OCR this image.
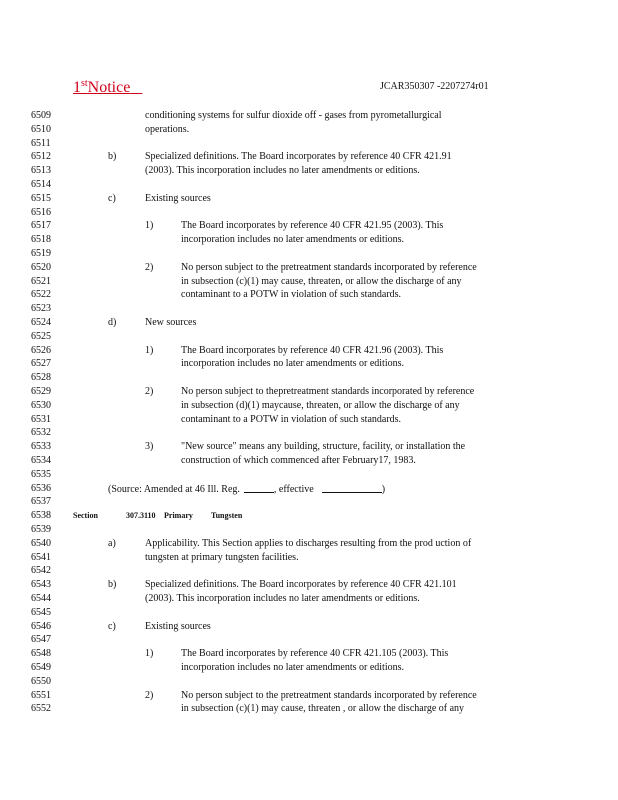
1stNotice	JCAR350307 -2207274r01
6509	conditioning systems for sulfur dioxide off - gases from pyrometallurgical
6510	operations.
6511
6512	b)	Specialized definitions. The Board incorporates by reference 40 CFR 421.91
6513	(2003). This incorporation includes no later amendments or editions.
6514
6515	c)	Existing sources
6516
6517	1)	The Board incorporates by reference 40 CFR 421.95 (2003). This
6518	incorporation includes no later amendments or editions.
6519
6520	2)	No person subject to the pretreatment standards incorporated by reference
6521	in subsection (c)(1) may cause, threaten, or allow the discharge of any
6522	contaminant to a POTW in violation of such standards.
6523
6524	d)	New sources
6525
6526	1)	The Board incorporates by reference 40 CFR 421.96 (2003). This
6527	incorporation includes no later amendments or editions.
6528
6529	2)	No person subject to thepretreatment standards incorporated by reference
6530	in subsection (d)(1) maycause, threaten, or allow the discharge of any
6531	contaminant to a POTW in violation of such standards.
6532
6533	3)	"New source" means any building, structure, facility, or installation the
6534	construction of which commenced after February17, 1983.
6535
6536	(Source: Amended at 46 Ill. Reg.	, effective	)
6537
6538	Section	307.3110 Primary Tungsten
6539
6540	a)	Applicability. This Section applies to discharges resulting from the prod uction of
6541	tungsten at primary tungsten facilities.
6542
6543	b)	Specialized definitions. The Board incorporates by reference 40 CFR 421.101
6544	(2003). This incorporation includes no later amendments or editions.
6545
6546	c)	Existing sources
6547
6548	1)	The Board incorporates by reference 40 CFR 421.105 (2003). This
6549	incorporation includes no later amendments or editions.
6550
6551	2)	No person subject to the pretreatment standards incorporated by reference
6552	in subsection (c)(1) may cause, threaten , or allow the discharge of any
